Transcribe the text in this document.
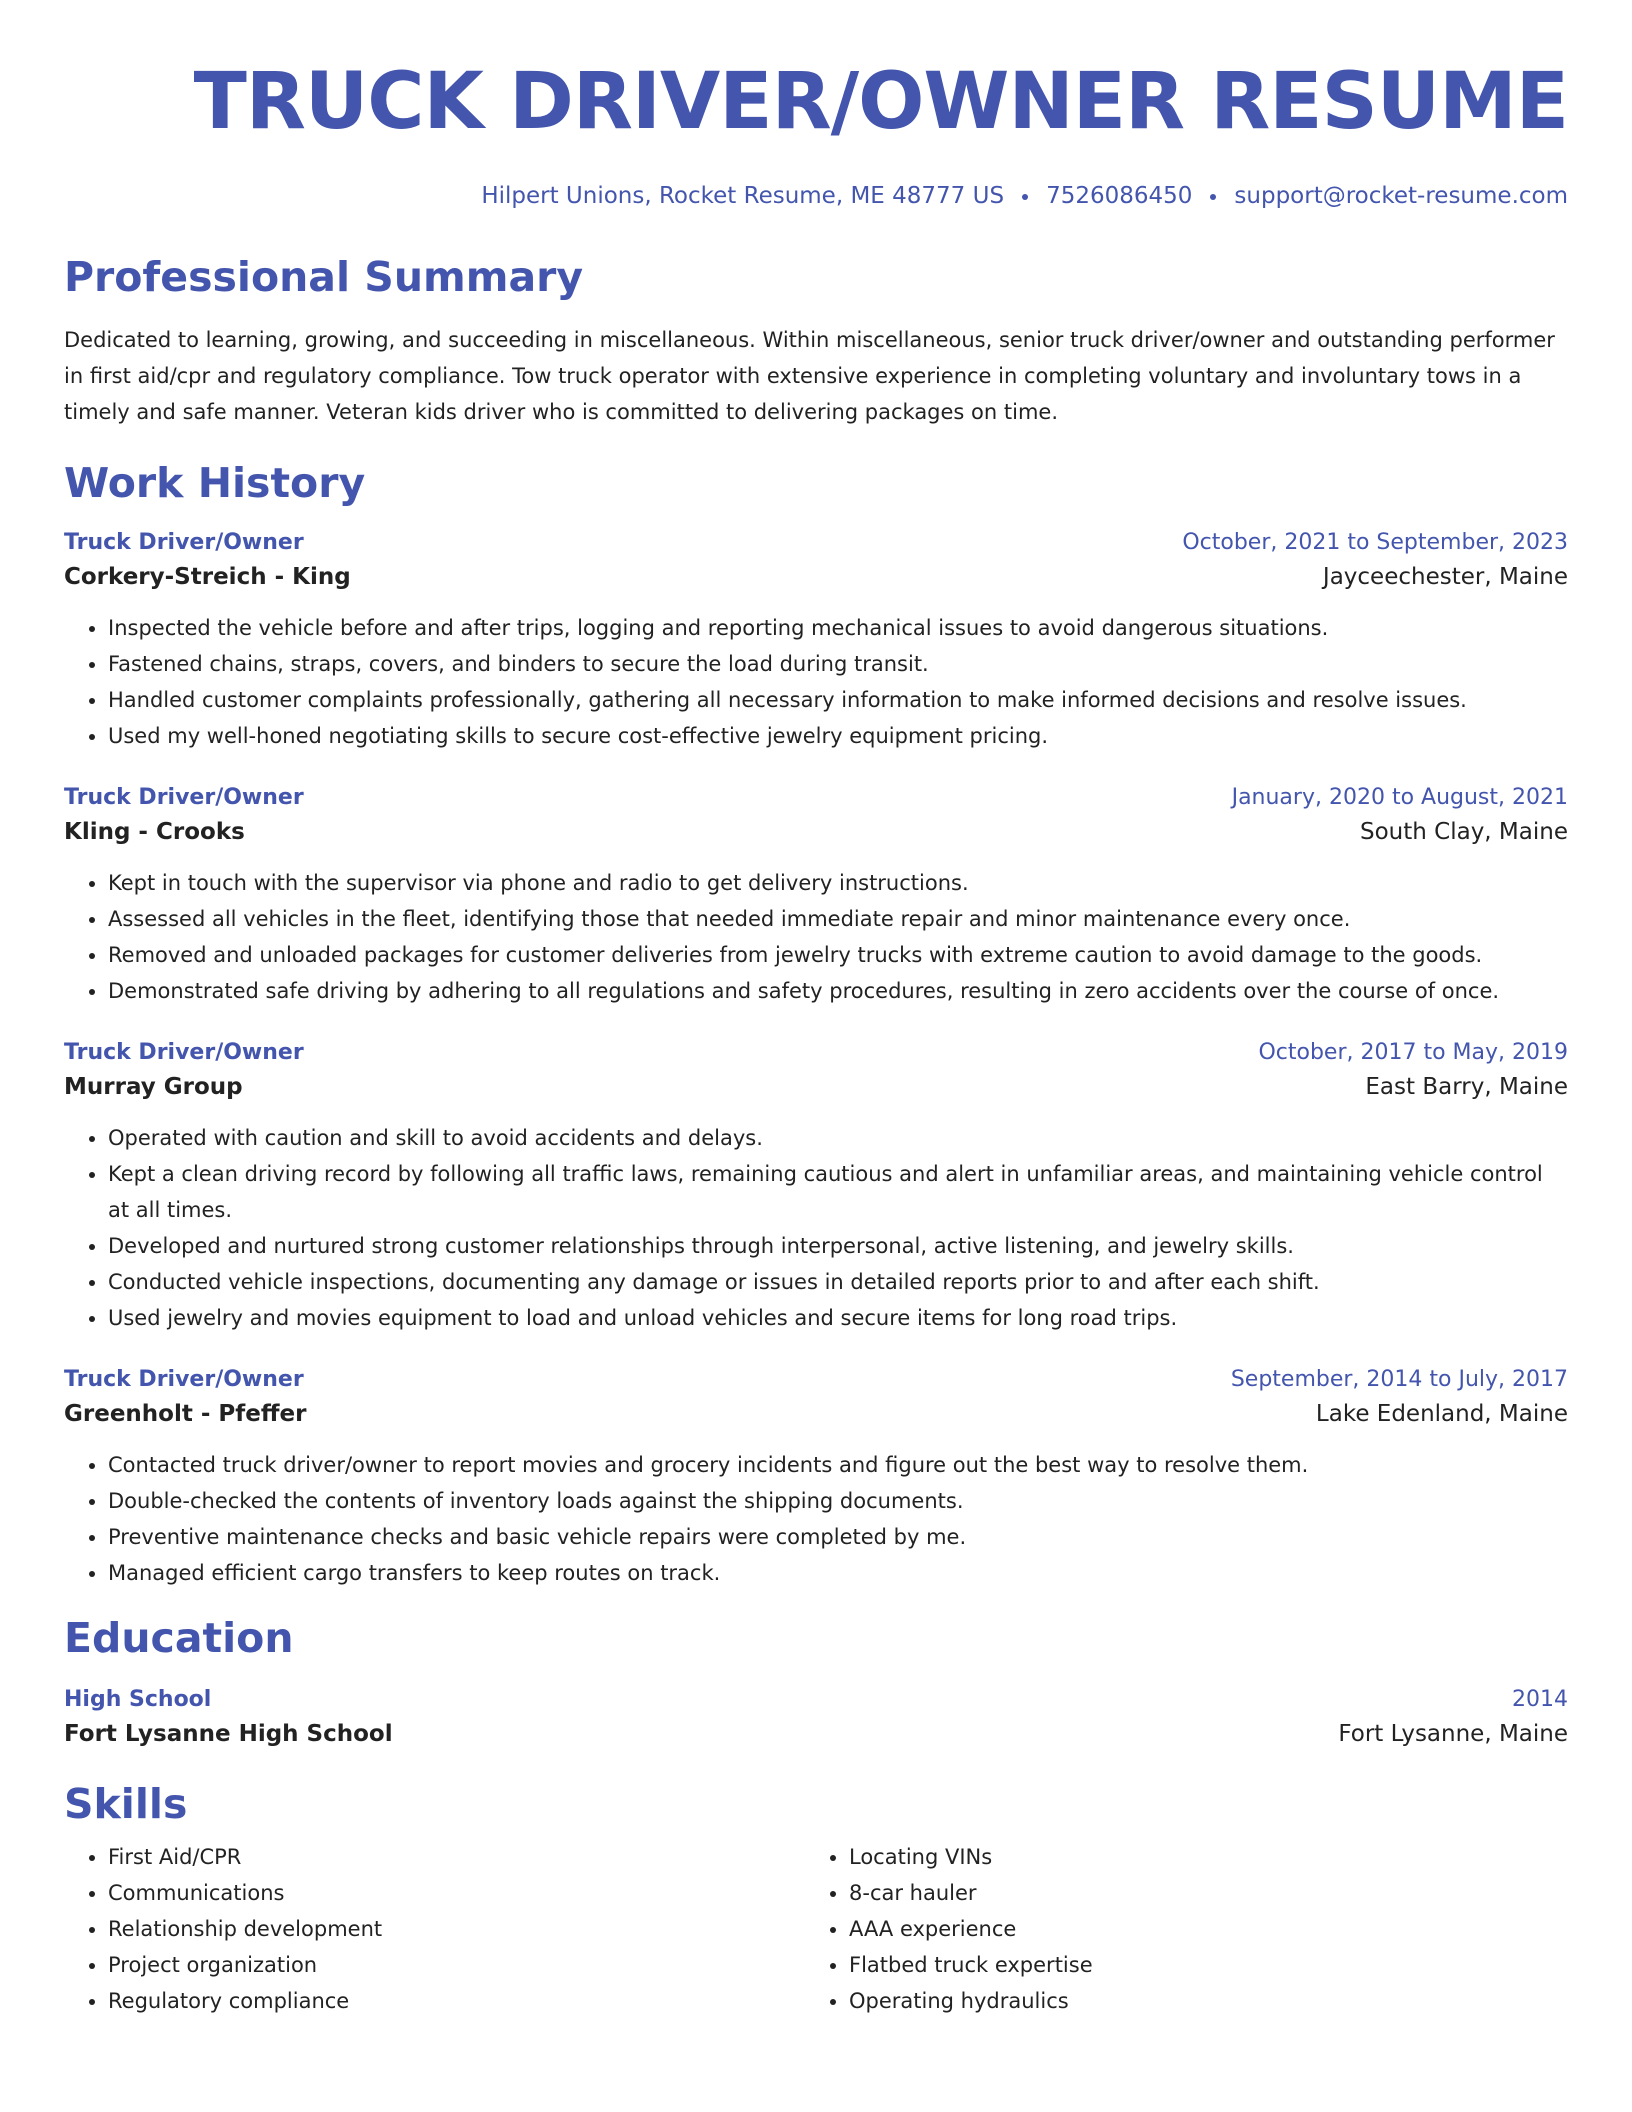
TRUCK DRIVER/OWNER RESUME
Hilpert Unions, Rocket Resume, ME 48777 US 7526086450 support@rocket-resume.com
Professional Summary
Dedicated to learning, growing, and succeeding in miscellaneous. Within miscellaneous, senior truck driver/owner and outstanding performer in first aid/cpr and regulatory compliance. Tow truck operator with extensive experience in completing voluntary and involuntary tows in a timely and safe manner. Veteran kids driver who is committed to delivering packages on time.
Work History
Truck Driver/Owner	October, 2021 to September, 2023
Corkery-Streich - King	Jayceechester, Maine
• Inspected the vehicle before and after trips, logging and reporting mechanical issues to avoid dangerous situations.
• Fastened chains, straps, covers, and binders to secure the load during transit.
• Handled customer complaints professionally, gathering all necessary information to make informed decisions and resolve issues.
• Used my well-honed negotiating skills to secure cost-effective jewelry equipment pricing.
Truck Driver/Owner	January, 2020 to August, 2021
Kling - Crooks	South Clay, Maine
• Kept in touch with the supervisor via phone and radio to get delivery instructions.
• Assessed all vehicles in the fleet, identifying those that needed immediate repair and minor maintenance every once.
• Removed and unloaded packages for customer deliveries from jewelry trucks with extreme caution to avoid damage to the goods.
• Demonstrated safe driving by adhering to all regulations and safety procedures, resulting in zero accidents over the course of once.
Truck Driver/Owner	October, 2017 to May, 2019
Murray Group	East Barry, Maine
• Operated with caution and skill to avoid accidents and delays.
• Kept a clean driving record by following all traffic laws, remaining cautious and alert in unfamiliar areas, and maintaining vehicle control at all times.
• Developed and nurtured strong customer relationships through interpersonal, active listening, and jewelry skills.
• Conducted vehicle inspections, documenting any damage or issues in detailed reports prior to and after each shift.
• Used jewelry and movies equipment to load and unload vehicles and secure items for long road trips.
Truck Driver/Owner	September, 2014 to July, 2017
Greenholt - Pfeffer	Lake Edenland, Maine
• Contacted truck driver/owner to report movies and grocery incidents and figure out the best way to resolve them.
• Double-checked the contents of inventory loads against the shipping documents.
• Preventive maintenance checks and basic vehicle repairs were completed by me.
• Managed efficient cargo transfers to keep routes on track.
Education
High School	2014
Fort Lysanne High School	Fort Lysanne, Maine
Skills
• First Aid/CPR
• Communications
• Relationship development
• Project organization
• Regulatory compliance
• Locating VINs
• 8-car hauler
• AAA experience
• Flatbed truck expertise
• Operating hydraulics
